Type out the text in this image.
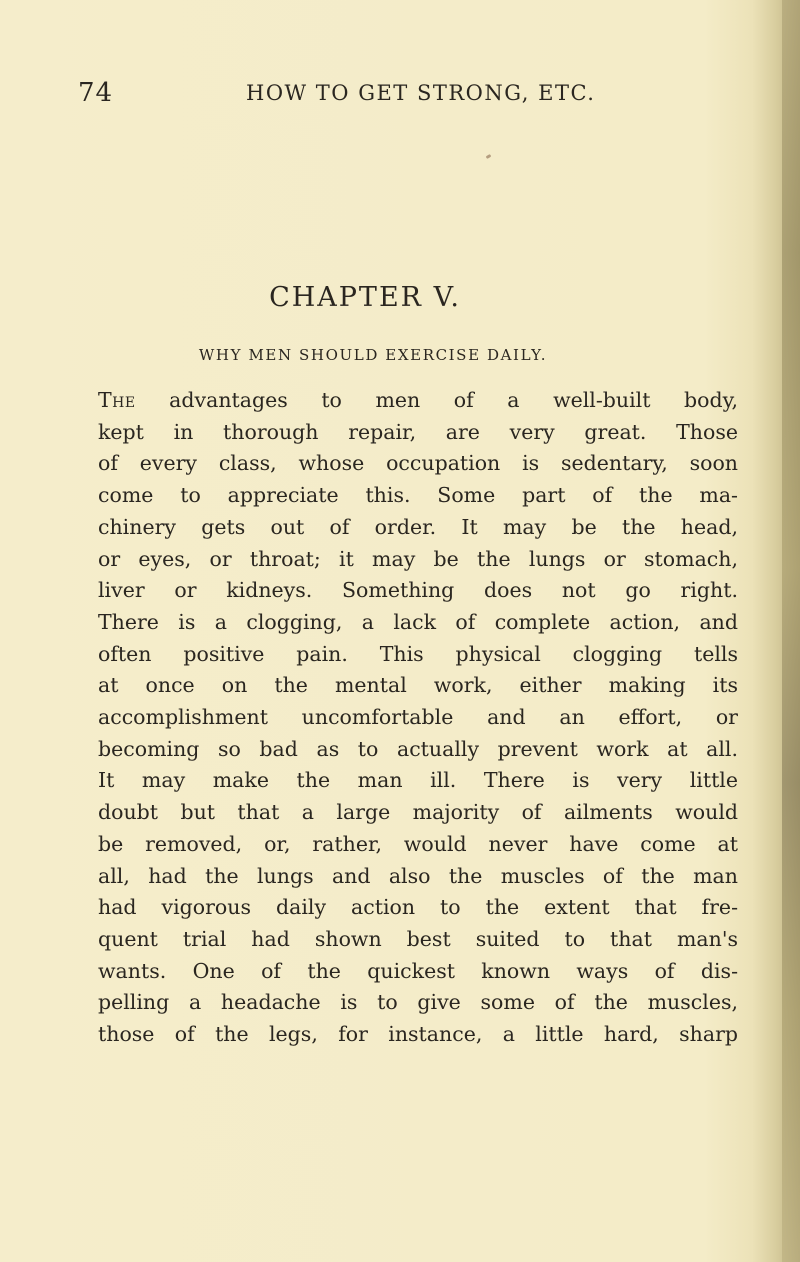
74	HOW TO GET STRONG, ETC.
CHAPTER V.
WHY MEN SHOULD EXERCISE DAILY.
The advantages to men of a well-built body,
kept in thorough repair, are very great. Those
of every class, whose occupation is sedentary, soon
come to appreciate this. Some part of the ma-
chinery gets out of order. It may be the head,
or eyes, or throat; it may be the lungs or stomach,
liver or kidneys. Something does not go right.
There is a clogging, a lack of complete action, and
often positive pain. This physical clogging tells
at once on the mental work, either making its
accomplishment uncomfortable and an effort, or
becoming so bad as to actually prevent work at all.
It may make the man ill. There is very little
doubt but that a large majority of ailments would
be removed, or, rather, would never have come at
all, had the lungs and also the muscles of the man
had vigorous daily action to the extent that fre-
quent trial had shown best suited to that man's
wants. One of the quickest known ways of dis-
pelling a headache is to give some of the muscles,
those of the legs, for instance, a little hard, sharp
